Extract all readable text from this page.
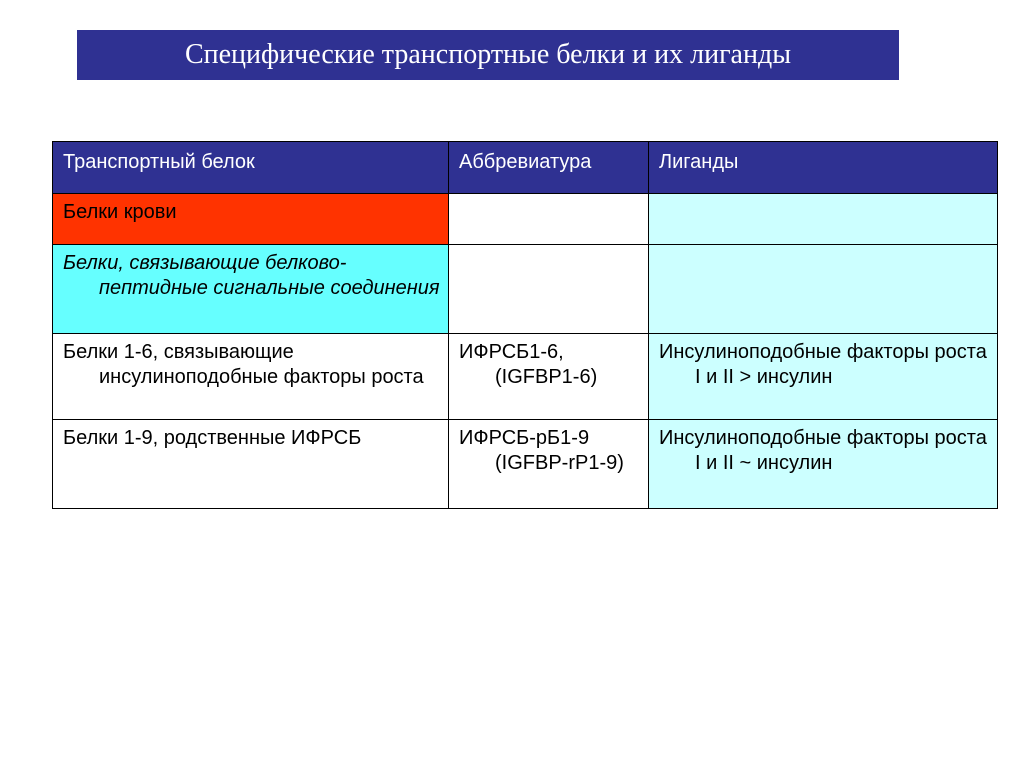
Специфические транспортные белки и их лиганды
Транспортный белок	Аббревиатура	Лиганды

Белки крови		

Белки, связывающие белково-пептидные сигнальные соединения		

Белки 1-6, связывающие инсулиноподобные факторы роста	ИФРСБ1-6, (IGFBP1-6)	Инсулиноподобные факторы роста I и II > инсулин

Белки 1-9, родственные ИФРСБ	ИФРСБ-рБ1-9 (IGFBP-rP1-9)	Инсулиноподобные факторы роста I и II ~ инсулин
